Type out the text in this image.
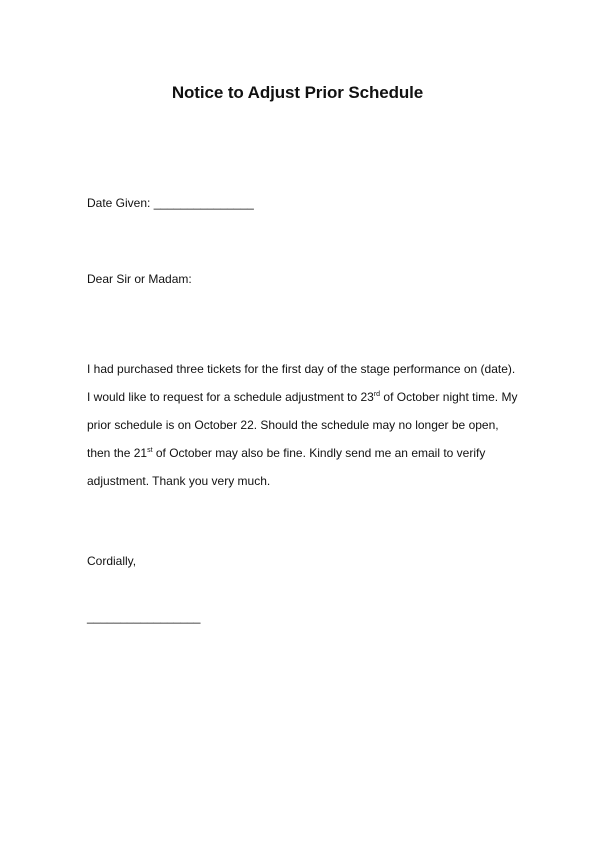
Notice to Adjust Prior Schedule
Date Given: _______________
Dear Sir or Madam:
I had purchased three tickets for the first day of the stage performance on (date).
I would like to request for a schedule adjustment to 23rd of October night time. My
prior schedule is on October 22. Should the schedule may no longer be open,
then the 21st of October may also be fine. Kindly send me an email to verify
adjustment. Thank you very much.
Cordially,
_________________
